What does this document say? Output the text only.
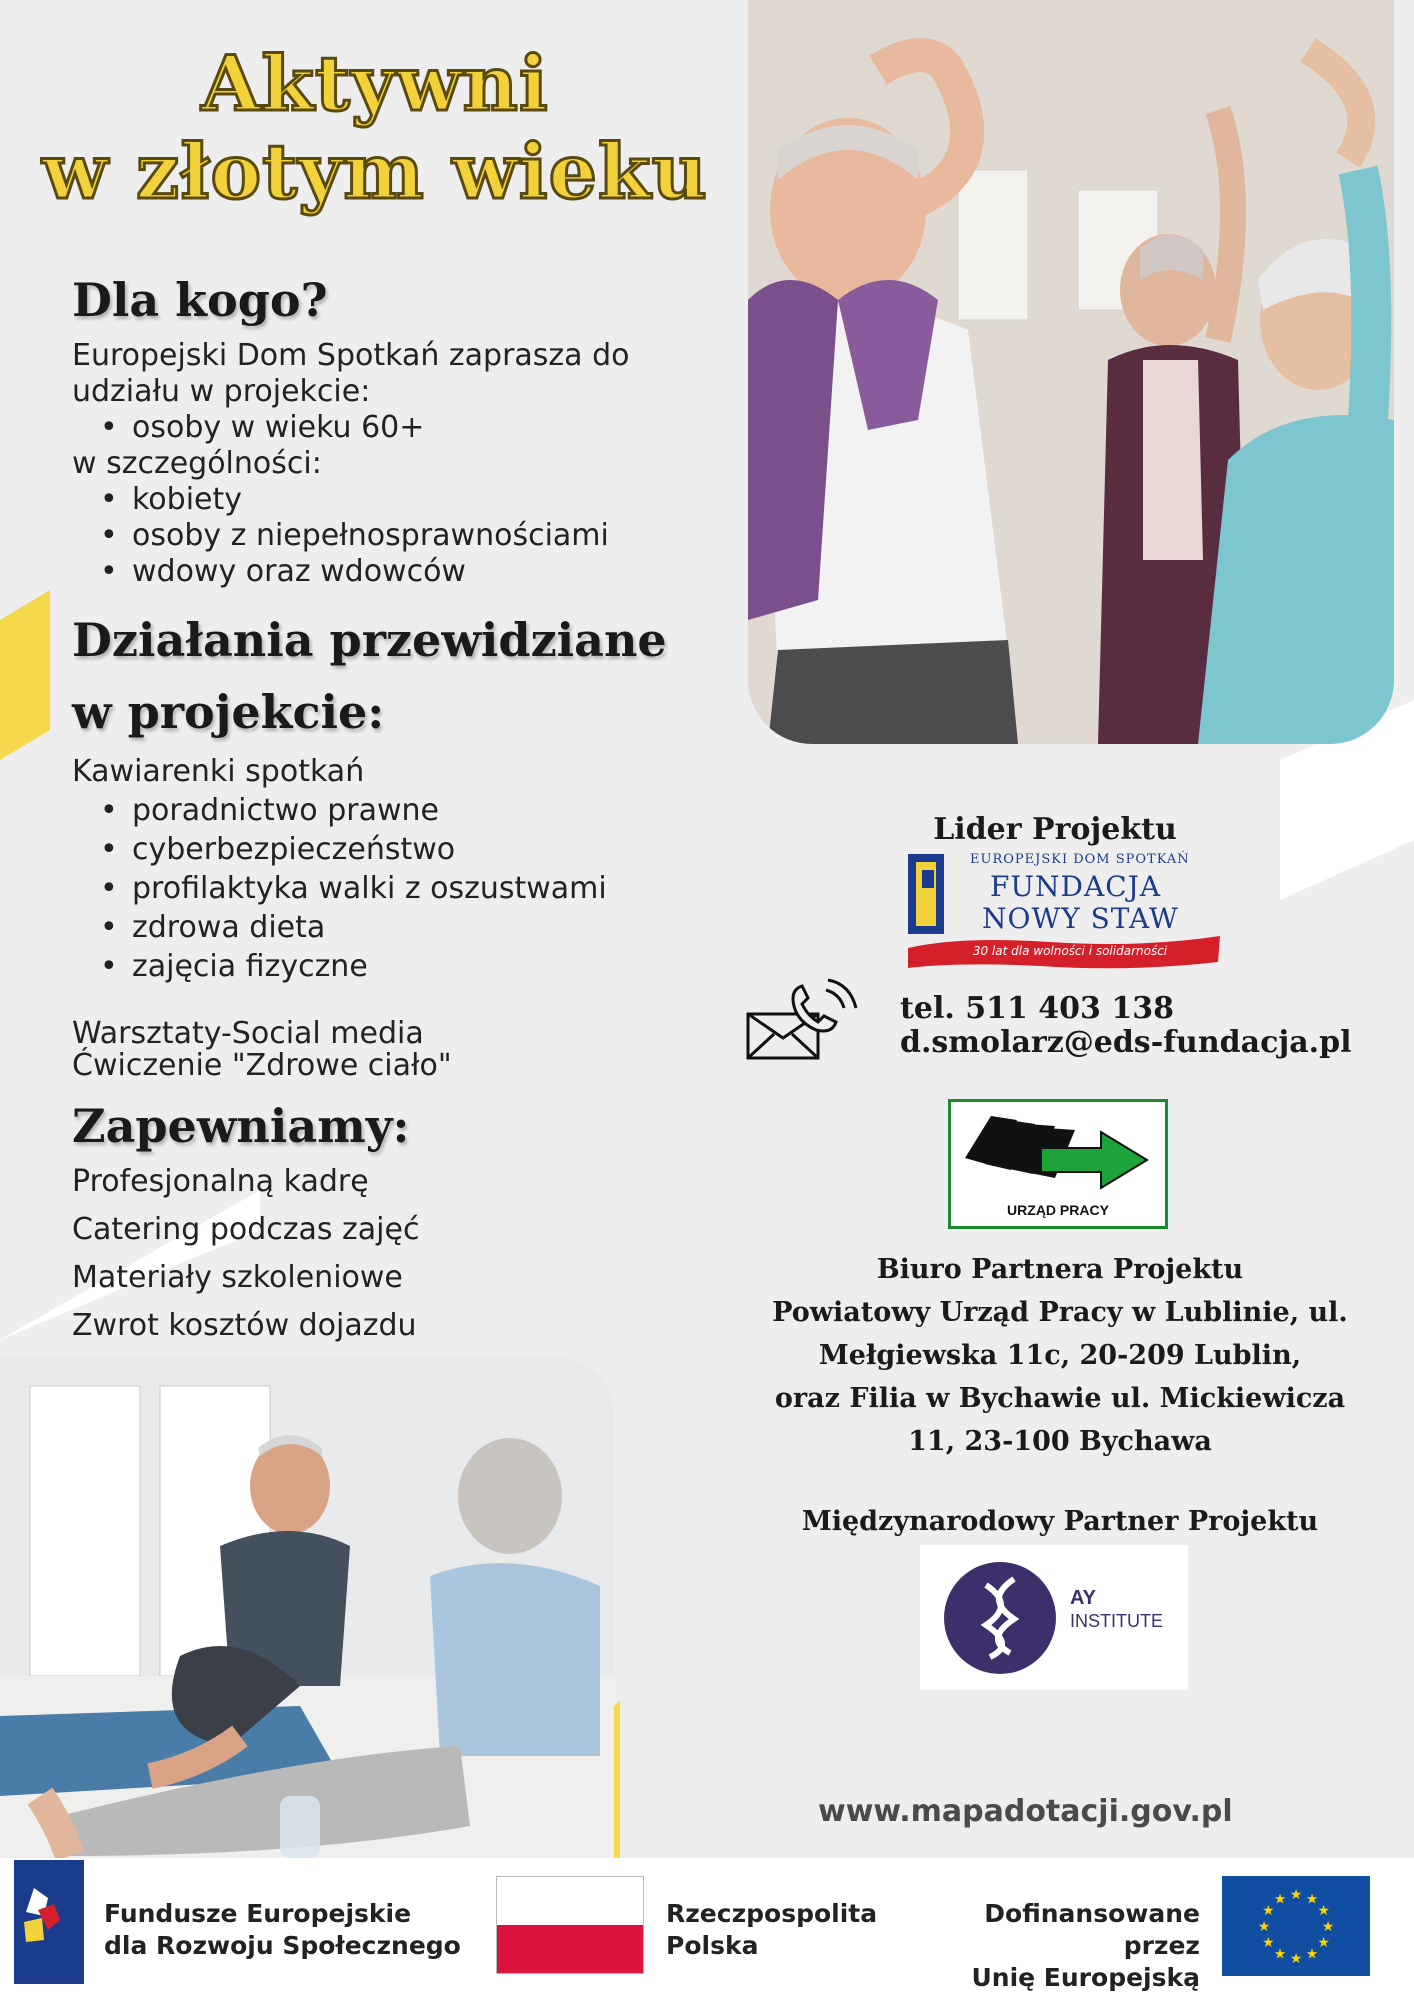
Aktywni
w złotym wieku
Dla kogo?
Europejski Dom Spotkań zaprasza do udziału w projekcie:
• osoby w wieku 60+
w szczególności:
• kobiety
• osoby z niepełnosprawnościami
• wdowy oraz wdowców
Działania przewidziane
w projekcie:
Kawiarenki spotkań
• poradnictwo prawne
• cyberbezpieczeństwo
• profilaktyka walki z oszustwami
• zdrowa dieta
• zajęcia fizyczne
Warsztaty-Social media
Ćwiczenie "Zdrowe ciało"
Zapewniamy:
Profesjonalną kadrę
Catering podczas zajęć
Materiały szkoleniowe
Zwrot kosztów dojazdu
Lider Projektu
EUROPEJSKI DOM SPOTKAŃ
FUNDACJA
NOWY STAW
30 lat dla wolności i solidarności
tel. 511 403 138
d.smolarz@eds-fundacja.pl
URZĄD PRACY
Biuro Partnera Projektu
Powiatowy Urząd Pracy w Lublinie, ul.
Mełgiewska 11c, 20-209 Lublin,
oraz Filia w Bychawie ul. Mickiewicza
11, 23-100 Bychawa
Międzynarodowy Partner Projektu
AY
INSTITUTE
www.mapadotacji.gov.pl
Fundusze Europejskie
dla Rozwoju Społecznego
Rzeczpospolita
Polska
Dofinansowane przez
Unię Europejską
★
★
★
★
★
★
★
★
★ ★ ★
★
